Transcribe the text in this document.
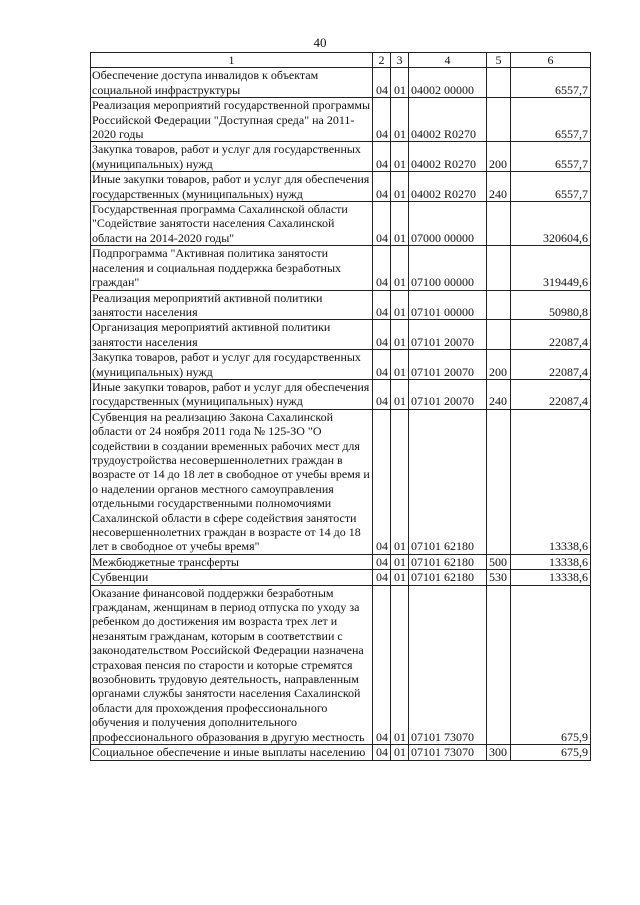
40
1	2	3	4	5	6
Обеспечение доступа инвалидов к объектам социальной инфраструктуры	04	01	04002 00000		6557,7
Реализация мероприятий государственной программы Российской Федерации "Доступная среда" на 2011-2020 годы	04	01	04002 R0270		6557,7
Закупка товаров, работ и услуг для государственных (муниципальных) нужд	04	01	04002 R0270	200	6557,7
Иные закупки товаров, работ и услуг для обеспечения государственных (муниципальных) нужд	04	01	04002 R0270	240	6557,7
Государственная программа Сахалинской области "Содействие занятости населения Сахалинской области на 2014-2020 годы"	04	01	07000 00000		320604,6
Подпрограмма "Активная политика занятости населения и социальная поддержка безработных граждан"	04	01	07100 00000		319449,6
Реализация мероприятий активной политики занятости населения	04	01	07101 00000		50980,8
Организация мероприятий активной политики занятости населения	04	01	07101 20070		22087,4
Закупка товаров, работ и услуг для государственных (муниципальных) нужд	04	01	07101 20070	200	22087,4
Иные закупки товаров, работ и услуг для обеспечения государственных (муниципальных) нужд	04	01	07101 20070	240	22087,4
Субвенция на реализацию Закона Сахалинской области от 24 ноября 2011 года № 125-ЗО "О содействии в создании временных рабочих мест для трудоустройства несовершеннолетних граждан в возрасте от 14 до 18 лет в свободное от учебы время и о наделении органов местного самоуправления отдельными государственными полномочиями Сахалинской области в сфере содействия занятости несовершеннолетних граждан в возрасте от 14 до 18 лет в свободное от учебы время"	04	01	07101 62180		13338,6
Межбюджетные трансферты	04	01	07101 62180	500	13338,6
Субвенции	04	01	07101 62180	530	13338,6
Оказание финансовой поддержки безработным гражданам, женщинам в период отпуска по уходу за ребенком до достижения им возраста трех лет и незанятым гражданам, которым в соответствии с законодательством Российской Федерации назначена страховая пенсия по старости и которые стремятся возобновить трудовую деятельность, направленным органами службы занятости населения Сахалинской области для прохождения профессионального обучения и получения дополнительного профессионального образования в другую местность	04	01	07101 73070		675,9
Социальное обеспечение и иные выплаты населению	04	01	07101 73070	300	675,9
